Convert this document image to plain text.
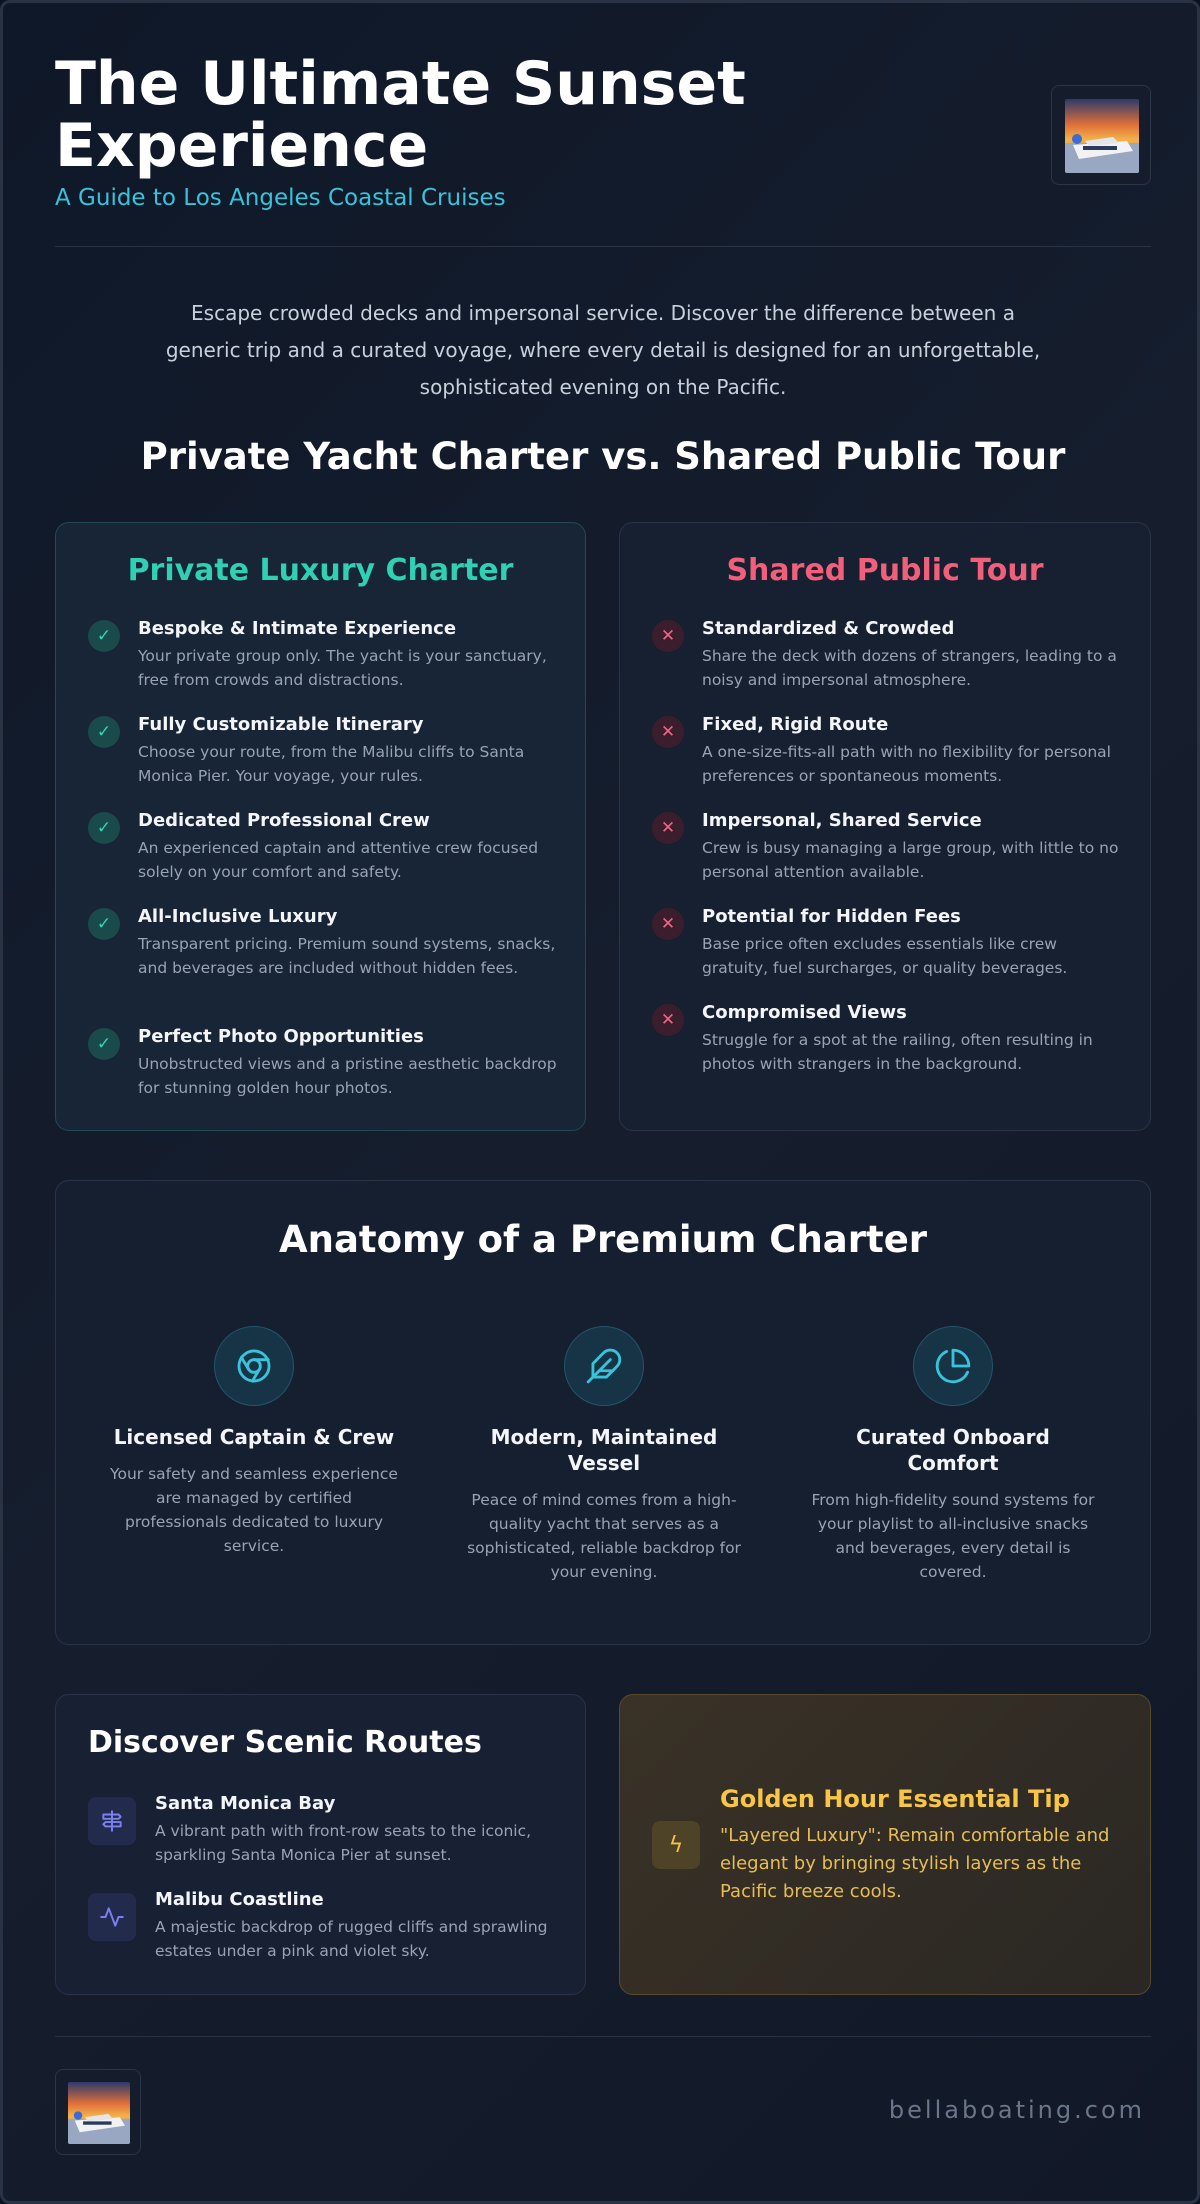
The Ultimate Sunset Experience
A Guide to Los Angeles Coastal Cruises
Escape crowded decks and impersonal service. Discover the difference between a generic trip and a curated voyage, where every detail is designed for an unforgettable, sophisticated evening on the Pacific.
Private Yacht Charter vs. Shared Public Tour
Private Luxury Charter
✓	Bespoke & Intimate Experience
Your private group only. The yacht is your sanctuary, free from crowds and distractions.
✓	Fully Customizable Itinerary
Choose your route, from the Malibu cliffs to Santa Monica Pier. Your voyage, your rules.
✓	Dedicated Professional Crew
An experienced captain and attentive crew focused solely on your comfort and safety.
✓	All-Inclusive Luxury
Transparent pricing. Premium sound systems, snacks, and beverages are included without hidden fees.
✓	Perfect Photo Opportunities
Unobstructed views and a pristine aesthetic backdrop for stunning golden hour photos.
Shared Public Tour
✕	Standardized & Crowded
Share the deck with dozens of strangers, leading to a noisy and impersonal atmosphere.
✕	Fixed, Rigid Route
A one-size-fits-all path with no flexibility for personal preferences or spontaneous moments.
✕	Impersonal, Shared Service
Crew is busy managing a large group, with little to no personal attention available.
✕	Potential for Hidden Fees
Base price often excludes essentials like crew gratuity, fuel surcharges, or quality beverages.
✕	Compromised Views
Struggle for a spot at the railing, often resulting in photos with strangers in the background.
Anatomy of a Premium Charter
Licensed Captain & Crew
Your safety and seamless experience are managed by certified professionals dedicated to luxury service.
Modern, Maintained Vessel
Peace of mind comes from a high-quality yacht that serves as a sophisticated, reliable backdrop for your evening.
Curated Onboard Comfort
From high-fidelity sound systems for your playlist to all-inclusive snacks and beverages, every detail is covered.
Discover Scenic Routes
Santa Monica Bay
A vibrant path with front-row seats to the iconic, sparkling Santa Monica Pier at sunset.
Malibu Coastline
A majestic backdrop of rugged cliffs and sprawling estates under a pink and violet sky.
ϟ
Golden Hour Essential Tip
"Layered Luxury": Remain comfortable and elegant by bringing stylish layers as the Pacific breeze cools.
bellaboating.com
